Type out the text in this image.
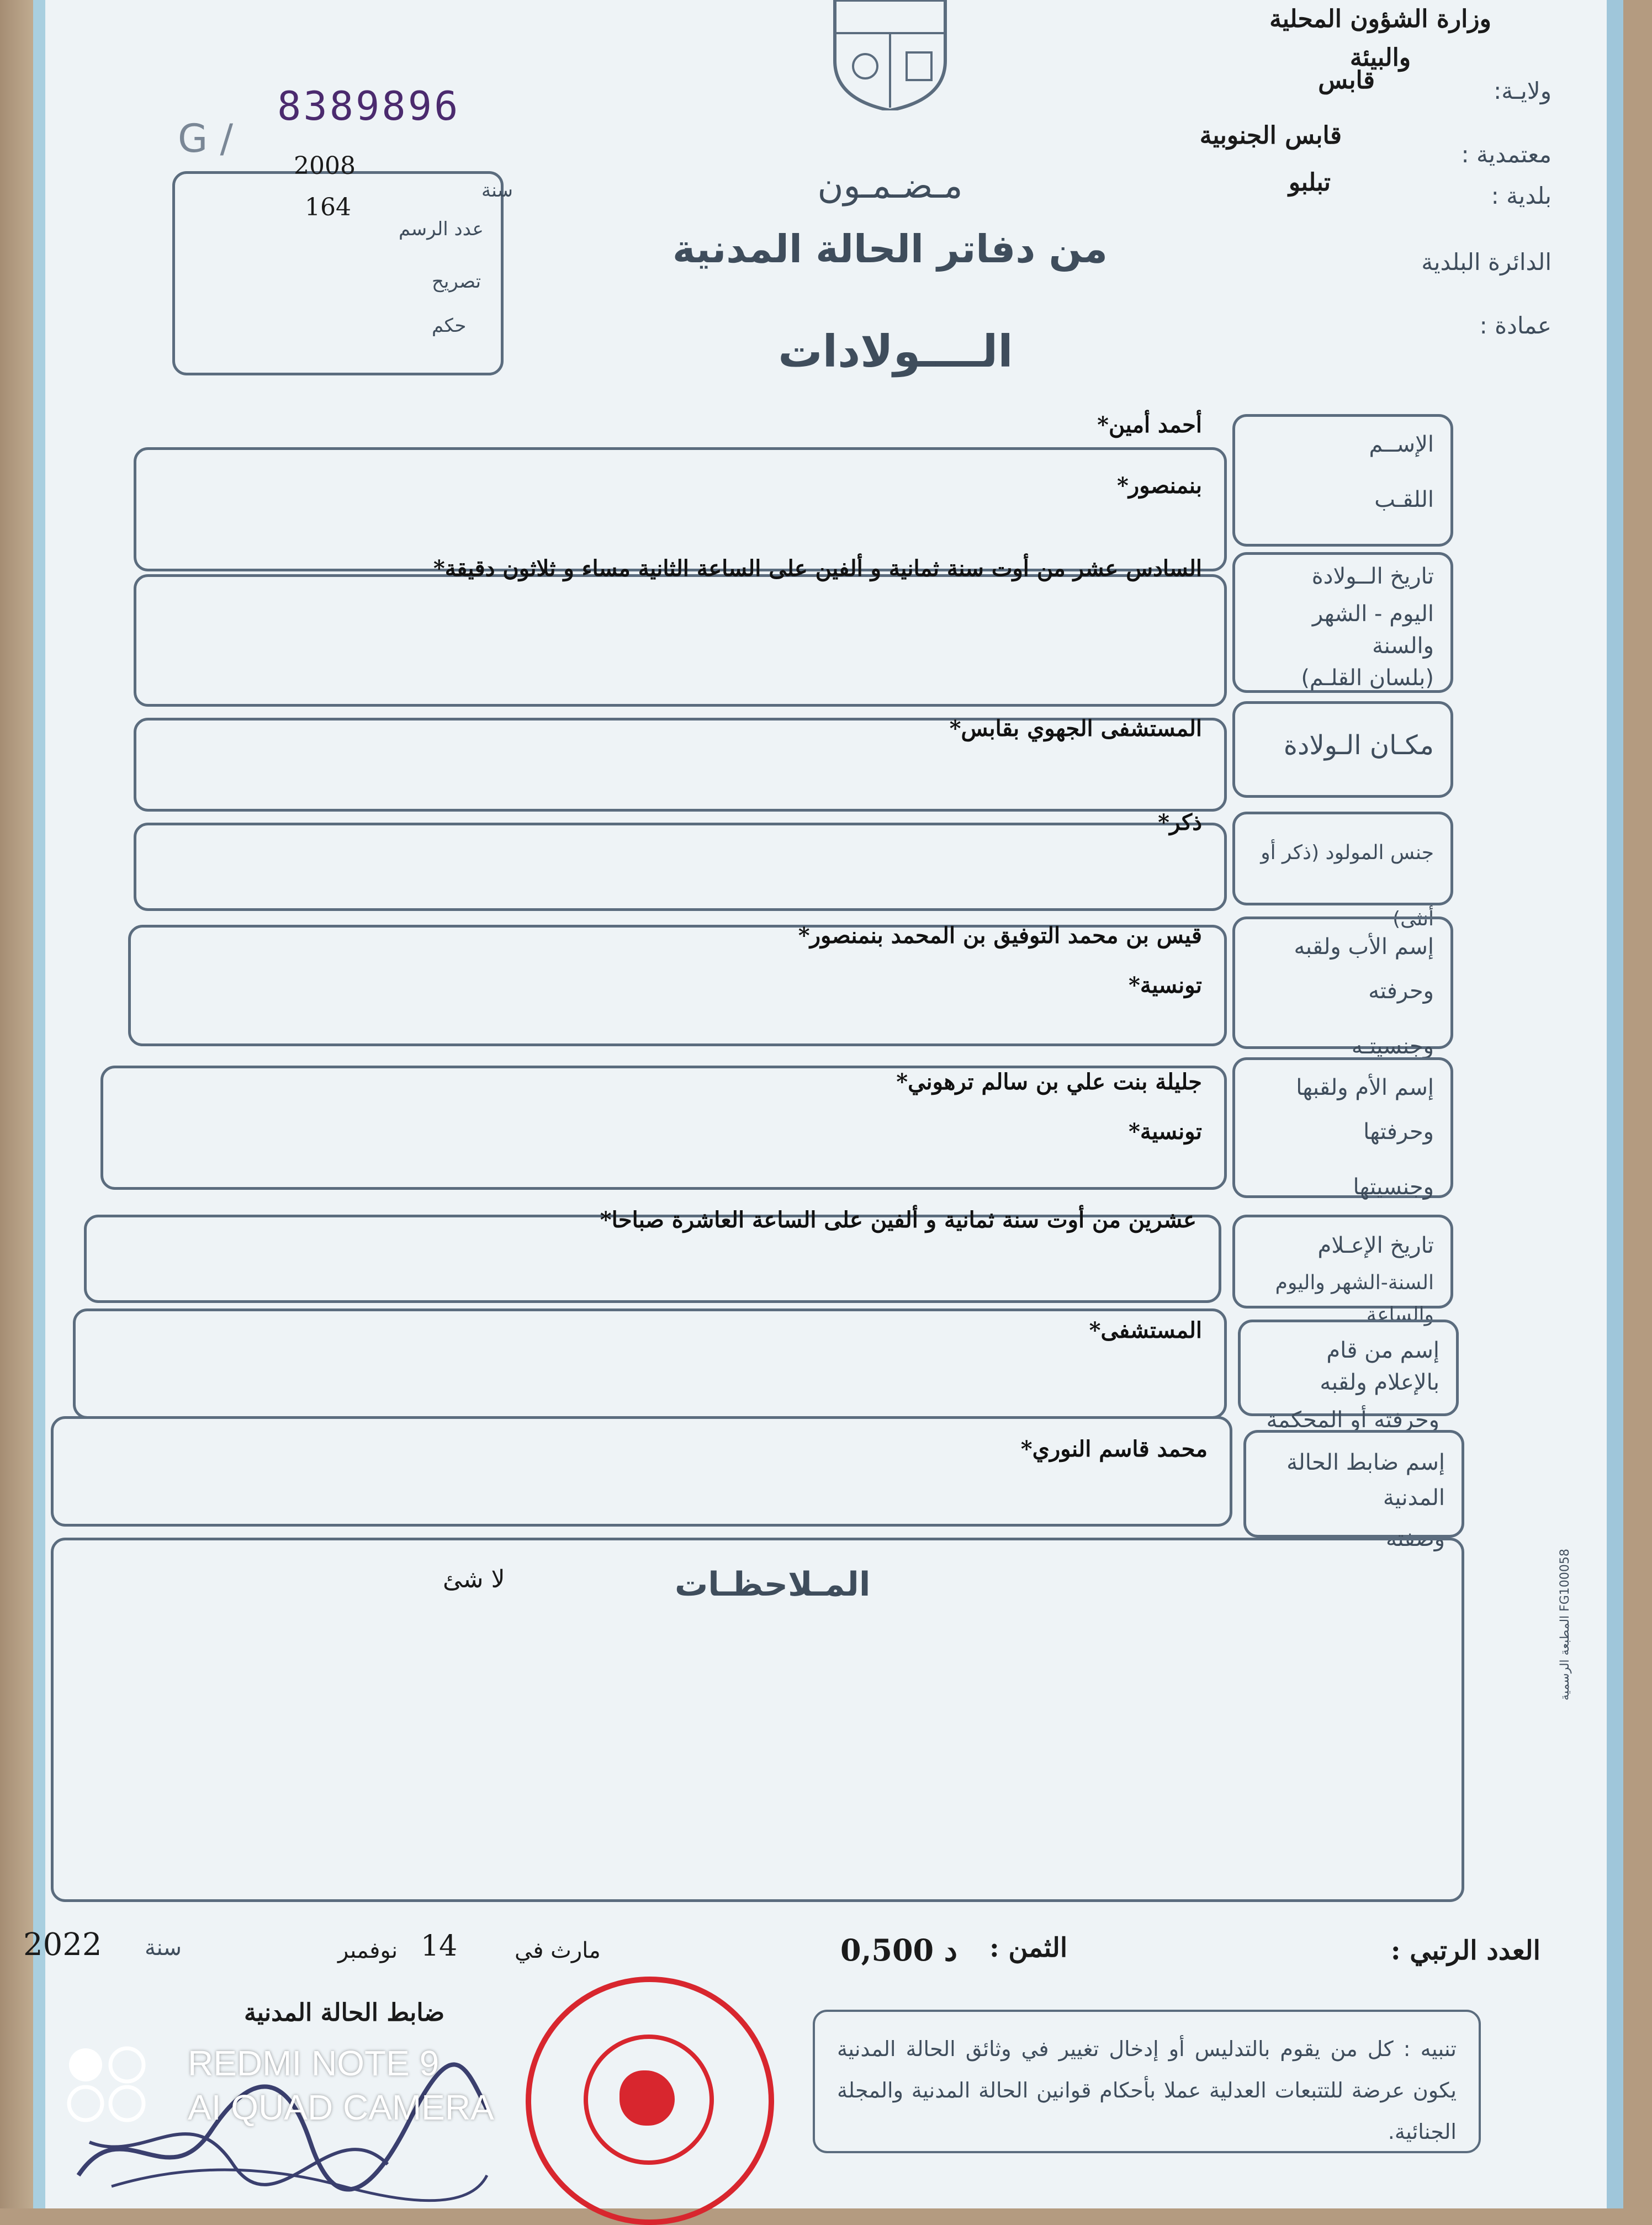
وزارة الشؤون المحلية والبيئة
ولايـة:
قابس
معتمدية :
قابس الجنوبية
بلدية :
تبلبو
الدائرة البلدية
عمادة :
G /
8389896
2008
164
سنة
عدد الرسم
تصريح
حكم
مـضـمـون
من دفاتر الحالة المدنية
الــــولادات
الإســم
اللقـب
أحمد أمين*
بنمنصور*
تاريخ الــولادة
اليوم - الشهر والسنة
(بلسان القلـم)
السادس عشر من أوت سنة ثمانية و ألفين على الساعة الثانية مساء و ثلاثون دقيقة*
مكـان الـولادة
المستشفى الجهوي بقابس*
جنس المولود (ذكر أو أنثى)
ذكر*
إسم الأب ولقبه وحرفته
وجنسيتـه
قيس بن محمد التوفيق بن المحمد بنمنصور*
تونسية*
إسم الأم ولقبها وحرفتها
وجنسيتها
جليلة بنت علي بن سالم ترهوني*
تونسية*
تاريخ الإعـلام
السنة-الشهر واليوم والساعة
عشرين من أوت سنة ثمانية و ألفين على الساعة العاشرة صباحا*
إسم من قام بالإعلام ولقبه
وحرفته أو المحكمة
المستشفى*
إسم ضابط الحالة المدنية
وصفته
محمد قاسم النوري*
المـلاحظـات
لا شئ
المطبعة الرسمية FG100058
العدد الرتبي :
الثمن :
0,500 د
مارث في
14
نوفمبر
سنة
2022
ضابط الحالة المدنية
تنبيه : كل من يقوم بالتدليس أو إدخال تغيير في وثائق الحالة المدنية يكون عرضة للتتبعات العدلية عملا بأحكام قوانين الحالة المدنية والمجلة الجنائية.
REDMI NOTE 9
AI QUAD CAMERA
